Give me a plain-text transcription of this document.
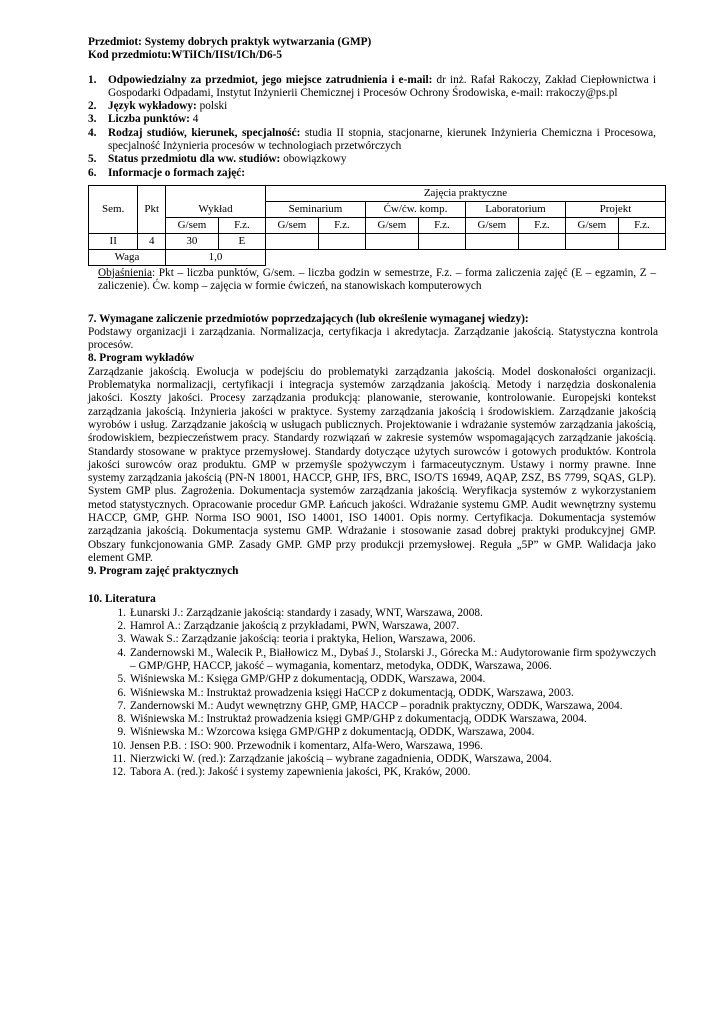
Przedmiot: Systemy dobrych praktyk wytwarzania (GMP)
Kod przedmiotu:WTiICh/IISt/ICh/D6-5
1. Odpowiedzialny za przedmiot, jego miejsce zatrudnienia i e-mail: dr inż. Rafał Rakoczy, Zakład Ciepłownictwa i Gospodarki Odpadami, Instytut Inżynierii Chemicznej i Procesów Ochrony Środowiska, e-mail: rrakoczy@ps.pl
2. Język wykładowy: polski
3. Liczba punktów: 4
4. Rodzaj studiów, kierunek, specjalność: studia II stopnia, stacjonarne, kierunek Inżynieria Chemiczna i Procesowa, specjalność Inżynieria procesów w technologiach przetwórczych
5. Status przedmiotu dla ww. studiów: obowiązkowy
6. Informacje o formach zajęć:
Sem.	Pkt	Wykład		Zajęcia praktyczne							
				Seminarium		Ćw/ćw. komp.		Laboratorium		Projekt	
		G/sem	F.z.	G/sem	F.z.	G/sem	F.z.	G/sem	F.z.	G/sem	F.z.
II	4	30	E								
Waga		1,0									
Objaśnienia: Pkt – liczba punktów, G/sem. – liczba godzin w semestrze, F.z. – forma zaliczenia zajęć (E – egzamin, Z – zaliczenie). Ćw. komp – zajęcia w formie ćwiczeń, na stanowiskach komputerowych
7. Wymagane zaliczenie przedmiotów poprzedzających (lub określenie wymaganej wiedzy):
Podstawy organizacji i zarządzania. Normalizacja, certyfikacja i akredytacja. Zarządzanie jakością. Statystyczna kontrola procesów.
8. Program wykładów
Zarządzanie jakością. Ewolucja w podejściu do problematyki zarządzania jakością. Model doskonałości organizacji. Problematyka normalizacji, certyfikacji i integracja systemów zarządzania jakością. Metody i narzędzia doskonalenia jakości. Koszty jakości. Procesy zarządzania produkcją: planowanie, sterowanie, kontrolowanie. Europejski kontekst zarządzania jakością. Inżynieria jakości w praktyce. Systemy zarządzania jakością i środowiskiem. Zarządzanie jakością wyrobów i usług. Zarządzanie jakością w usługach publicznych. Projektowanie i wdrażanie systemów zarządzania jakością, środowiskiem, bezpieczeństwem pracy. Standardy rozwiązań w zakresie systemów wspomagających zarządzanie jakością. Standardy stosowane w praktyce przemysłowej. Standardy dotyczące użytych surowców i gotowych produktów. Kontrola jakości surowców oraz produktu. GMP w przemyśle spożywczym i farmaceutycznym. Ustawy i normy prawne. Inne systemy zarządzania jakością (PN-N 18001, HACCP, GHP, IFS, BRC, ISO/TS 16949, AQAP, ZSZ, BS 7799, SQAS, GLP). System GMP plus. Zagrożenia. Dokumentacja systemów zarządzania jakością. Weryfikacja systemów z wykorzystaniem metod statystycznych. Opracowanie procedur GMP. Łańcuch jakości. Wdrażanie systemu GMP. Audit wewnętrzny systemu HACCP, GMP, GHP. Norma ISO 9001, ISO 14001, ISO 14001. Opis normy. Certyfikacja. Dokumentacja systemów zarządzania jakością. Dokumentacja systemu GMP. Wdrażanie i stosowanie zasad dobrej praktyki produkcyjnej GMP. Obszary funkcjonowania GMP. Zasady GMP. GMP przy produkcji przemysłowej. Reguła „5P” w GMP. Walidacja jako element GMP.
9. Program zajęć praktycznych
10. Literatura
1. Łunarski J.: Zarządzanie jakością: standardy i zasady, WNT, Warszawa, 2008.
2. Hamrol A.: Zarządzanie jakością z przykładami, PWN, Warszawa, 2007.
3. Wawak S.: Zarządzanie jakością: teoria i praktyka, Helion, Warszawa, 2006.
4. Zandernowski M., Walecik P., Białłowicz M., Dybaś J., Stolarski J., Górecka M.: Audytorowanie firm spożywczych – GMP/GHP, HACCP, jakość – wymagania, komentarz, metodyka, ODDK, Warszawa, 2006.
5. Wiśniewska M.: Księga GMP/GHP z dokumentacją, ODDK, Warszawa, 2004.
6. Wiśniewska M.: Instruktaż prowadzenia księgi HaCCP z dokumentacją, ODDK, Warszawa, 2003.
7. Zandernowski M.: Audyt wewnętrzny GHP, GMP, HACCP – poradnik praktyczny, ODDK, Warszawa, 2004.
8. Wiśniewska M.: Instruktaż prowadzenia księgi GMP/GHP z dokumentacją, ODDK Warszawa, 2004.
9. Wiśniewska M.: Wzorcowa księga GMP/GHP z dokumentacją, ODDK, Warszawa, 2004.
10. Jensen P.B. : ISO: 900. Przewodnik i komentarz, Alfa-Wero, Warszawa, 1996.
11. Nierzwicki W. (red.): Zarządzanie jakością – wybrane zagadnienia, ODDK, Warszawa, 2004.
12. Tabora A. (red.): Jakość i systemy zapewnienia jakości, PK, Kraków, 2000.
